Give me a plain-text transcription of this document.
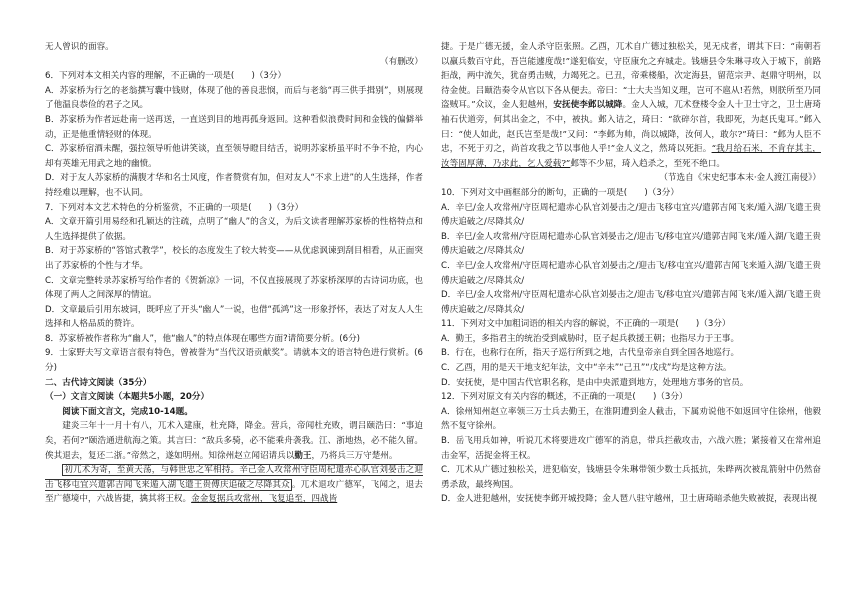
无人曾识的面容。

（有删改）

6．下列对本文相关内容的理解，不正确的一项是(　　)（3分）

A．苏家桥为行乞的老翁撰写囊中钱财，体现了他的善良悲悯，而后与老翁“再三供手揖别”，则展现了他温良恭俭的君子之风。

B．苏家桥为作者远赴南一送再送，一直送到目的地再孤身返回。这种看似浪费时间和金钱的偏僻举动，正是他重情轻财的体现。

C．苏家桥宿酒未醒，强拉领导听他讲笑谈，直至领导瞪目结舌，说明苏家桥虽平时不争不抢，内心却有英雄无用武之地的幽愤。

D．对于友人苏家桥的满腹才华和名士风度，作者赞赏有加，但对友人“不求上进”的人生选择，作者持经难以理解，也不认同。

7．下列对本文艺术特色的分析鉴赏，不正确的一项是(　　)（3分）

A．文章开篇引用易经和孔颖达的注疏，点明了“幽人”的含义，为后文读者理解苏家桥的性格特点和人生选择提供了依据。

B．对于苏家桥的“答馆式教学”，校长的态度发生了较大转变——从优虑讽谏到刮目相看，从正面突出了苏家桥的个性与才华。

C．文章完整转录苏家桥写给作者的《贺新凉》一词，不仅直接展现了苏家桥深厚的古诗词功底，也体现了两人之间深厚的情谊。

D．文章最后引用东坡词，既呼应了开头“幽人”一说，也借“孤鸿”这一形象抒怀，表达了对友人人生选择和人格品质的赞许。

8．苏家桥被作者称为“幽人”，他“幽人”的特点体现在哪些方面?请简要分析。(6分)

9．士家野夫写文章语言很有特色，曾被誉为“当代汉语贡献奖”。请就本文的语言特色进行赏析。(6分)

二、古代诗文阅读（35分）

（一）文言文阅读（本题共5小题，20分）

阅读下面文言文，完成10-14题。

建炎三年十一月十有八，兀术入建康，杜充降，降金。营兵，帝闻杜充败，谓吕颐浩曰：“事迫矣，若何?”颐浩通进航海之策。其言曰：“敌兵多骑，必不能乘舟袭我。江、浙地热，必不能久留。俟其退去，复还二浙。”帝然之，遂如明州。知徐州赵立闻诏请兵以勤王，乃将兵三万守楚州。

初兀术为寄，至黄天荡，与韩世忠之军相持。辛己金人攻常州守臣周杞遣赤心队官刘晏击之迎击飞移屯宜兴遣郭吉闻飞来遁入湖飞遣王贵傅庆追破之尽降其众 。兀术退攻广德军，飞闻之，退去至广德境中，六战皆捷，擒其将王权。金金复据兵攻常州，飞复追至，四战皆

捷。于是广德无援，金人杀守臣张照。乙酉，兀术自广德过独松关，见无戍者，谓其下曰：“南朝若以羸兵数百守此，吾岂能遽度哉!”遂犯临安，守臣康允之弃城走。钱塘县令朱琳寻攻入于城下，前路拒战，两中流矢，犹奋勇击贼，力竭死之。已丑，帝乘楼船，次定海县，留范宗尹、赵鼎守明州，以待金使。吕颐浩奏令从官以下各从便去。帝曰：“士大夫当知义理，岂可不扈从!若然，则朕所至乃同盗贼耳。”众议，金人犯越州，安抚使李邺以城降。金人入城，兀术登楼令金人十卫士守之，卫士唐琦袖石伏道旁，何其出金之，不中，被执。邺入诘之，琦曰：“欲碎尔首，我即死，为赵氏鬼耳。”邺入曰：“使人如此，赵氏岂至是哉!”又问：“李邺为帅，尚以城降，汝何人，敢尔?”琦曰：“邺为人臣不忠，不死于刃之，尚首攻我之节以事他人乎!”金人义之，然琦以死拒。“我月给石米，不肯存其主，汝等固厚薄，乃求此，乞人爱载?”邺等不少屈，琦入趋杀之，至死不绝口。

（节选自《宋史纪事本末·金人渡江南侵》）

10．下列对文中画框部分的断句，正确的一项是(　　)（3分）

A．辛巳/金人攻常州/守臣周杞遣赤心队官刘晏击之/迎击飞移屯宜兴/遣郭吉闻飞来/遁入湖/飞遣王贵傅庆追破之/尽降其众/

B．辛巳/金人攻常州/守臣周杞遣赤心队官刘晏击之/迎击飞/移屯宜兴/遣郭吉闻飞来/遁入湖/飞遣王贵傅庆追破之/尽降其众/

C．辛巳/金人攻常州/守臣周杞遣赤心队官刘晏击之/迎击飞/移屯宜兴/遣郭吉闻飞来遁入湖/飞遣王贵傅庆追破之/尽降其众/

D．辛巳/金人攻常州/守臣周杞遣赤心队官刘晏击之/迎击飞/移屯宜兴/遣郭吉闻飞来/遁入湖/飞遣王贵傅庆追破之/尽降其众/

11．下列对文中加粗词语的相关内容的解说，不正确的一项是(　　)（3分）

A．勤王，多指君主的统治受到威胁时，臣子起兵救援王朝；也指尽力于王事。

B．行在，也称行在所，指天子巡行所到之地，古代皇帝亲自到全国各地巡行。

C．乙酉，用的是天干地支纪年法，文中“辛未”“己丑”“戊戌”均是这种方法。

D．安抚使，是中国古代官职名称，是由中央派遣到地方，处理地方事务的官员。

12．下列对原文有关内容的概述，不正确的一项是(　　)（3分）

A．徐州知州赵立率领三万士兵去勤王，在淮阴遭到金人截击，下属劝说他不如返回守住徐州，他毅然不复守徐州。

B．岳飞用兵如神，听说兀术将要进攻广德军的消息，带兵拦截攻击，六战六胜；紧接着又在常州追击金军，活捉金将王权。

C．兀术从广德过独松关，进犯临安，钱塘县令朱琳带领少数士兵抵抗，朱晔两次被乱箭射中仍然奋勇杀敌，最终殉国。

D．金人进犯越州，安抚使李邺开城投降；金人琶八驻守越州，卫士唐琦暗杀他失败被捉，表现出视
